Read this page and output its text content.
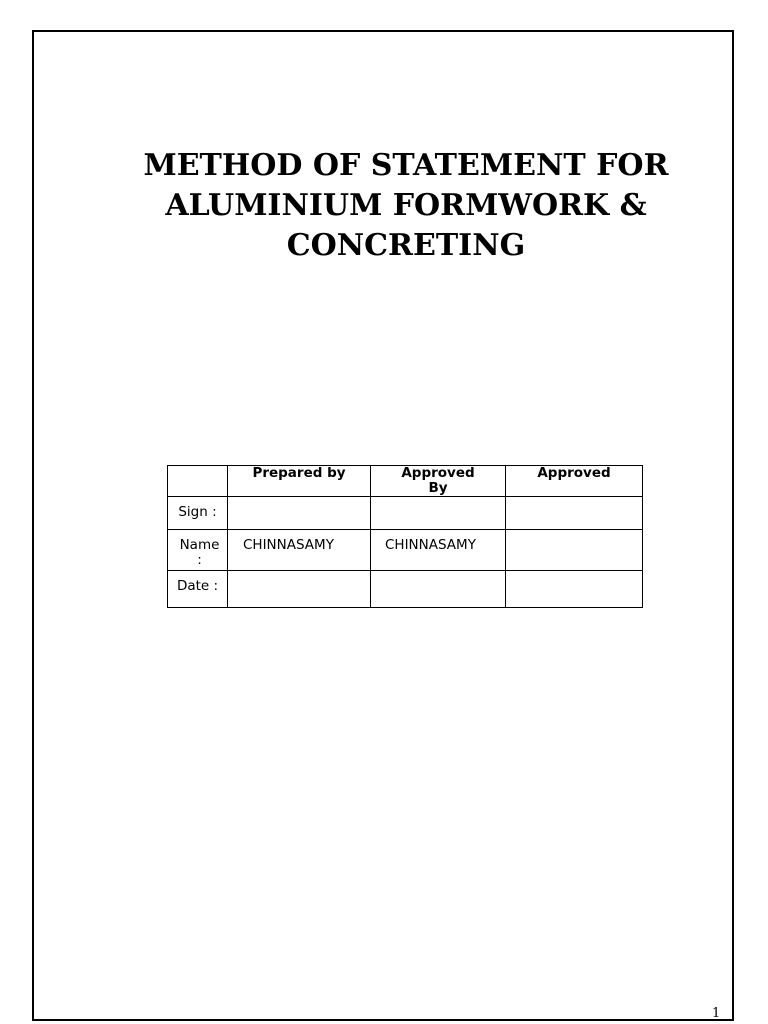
METHOD OF STATEMENT FOR
ALUMINIUM FORMWORK &
CONCRETING

	Prepared by	Approved By	Approved

Sign :			

Name :	CHINNASAMY	CHINNASAMY	

Date :			

1
